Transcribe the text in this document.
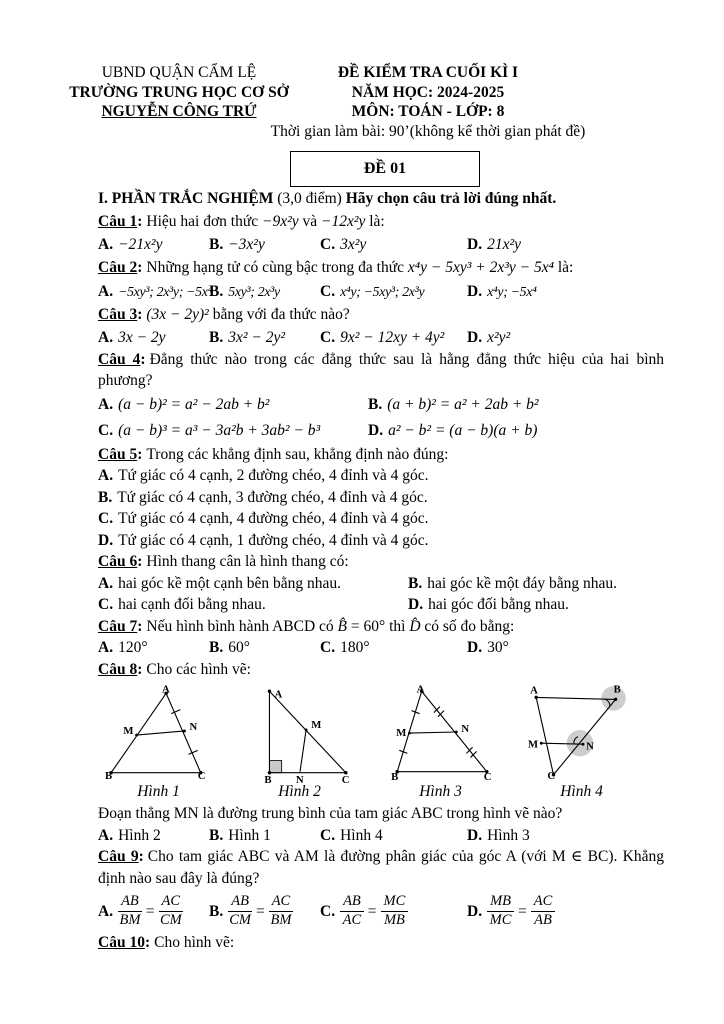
UBND QUẬN CẨM LỆ
TRƯỜNG TRUNG HỌC CƠ SỞ
NGUYỄN CÔNG TRỨ
ĐỀ KIỂM TRA CUỐI KÌ I
NĂM HỌC: 2024-2025
MÔN: TOÁN - LỚP: 8
Thời gian làm bài: 90’(không kể thời gian phát đề)
ĐỀ 01

I. PHẦN TRẮC NGHIỆM (3,0 điểm) Hãy chọn câu trả lời đúng nhất.

Câu 1: Hiệu hai đơn thức −9x²y và −12x²y là:

A. −21x²y	B. −3x²y	C. 3x²y	D. 21x²y

Câu 2: Những hạng tử có cùng bậc trong đa thức x⁴y − 5xy³ + 2x³y − 5x⁴ là:

A. −5xy³; 2x³y; −5x⁴
B. 5xy³; 2x³y	C. x⁴y; −5xy³; 2x³y	D. x⁴y; −5x⁴

Câu 3: (3x − 2y)² bằng với đa thức nào?

A. 3x − 2y	B. 3x² − 2y²	C. 9x² − 12xy + 4y²	D. x²y²

Câu 4: Đẳng thức nào trong các đẳng thức sau là hằng đẳng thức hiệu của hai bình phương?

A. (a − b)² = a² − 2ab + b²	B. (a + b)² = a² + 2ab + b²
C. (a − b)³ = a³ − 3a²b + 3ab² − b³	D. a² − b² = (a − b)(a + b)

Câu 5: Trong các khẳng định sau, khẳng định nào đúng:

A. Tứ giác có 4 cạnh, 2 đường chéo, 4 đỉnh và 4 góc.
B. Tứ giác có 4 cạnh, 3 đường chéo, 4 đỉnh và 4 góc.
C. Tứ giác có 4 cạnh, 4 đường chéo, 4 đỉnh và 4 góc.
D. Tứ giác có 4 cạnh, 1 đường chéo, 4 đỉnh và 4 góc.

Câu 6: Hình thang cân là hình thang có:

A. hai góc kề một cạnh bên bằng nhau.	B. hai góc kề một đáy bằng nhau.
C. hai cạnh đối bằng nhau.	D. hai góc đối bằng nhau.

Câu 7: Nếu hình bình hành ABCD có B̂ = 60° thì D̂ có số đo bằng:

A. 120°	B. 60°	C. 180°	D. 30°

Câu 8: Cho các hình vẽ:

A
B	C
M	N
Hình 1
A
B	C
M
N
Hình 2
A
B	C
M	N
Hình 3
A	B
C
M	N
Hình 4

Đoạn thẳng MN là đường trung bình của tam giác ABC trong hình vẽ nào?

A. Hình 2	B. Hình 1	C. Hình 4	D. Hình 3

Câu 9: Cho tam giác ABC và AM là đường phân giác của góc A (với M ∈ BC). Khẳng định nào sau đây là đúng?

A. $\frac{AB}{BM} = \frac{AC}{CM} B$. $\frac{AB}{CM} = \frac{AC}{BM} C$. $\frac{AB}{AC} = \frac{MC}{MB}$	D. $\frac{MB}{MC} = \frac{AC}{AB}$

Câu 10: Cho hình vẽ:
